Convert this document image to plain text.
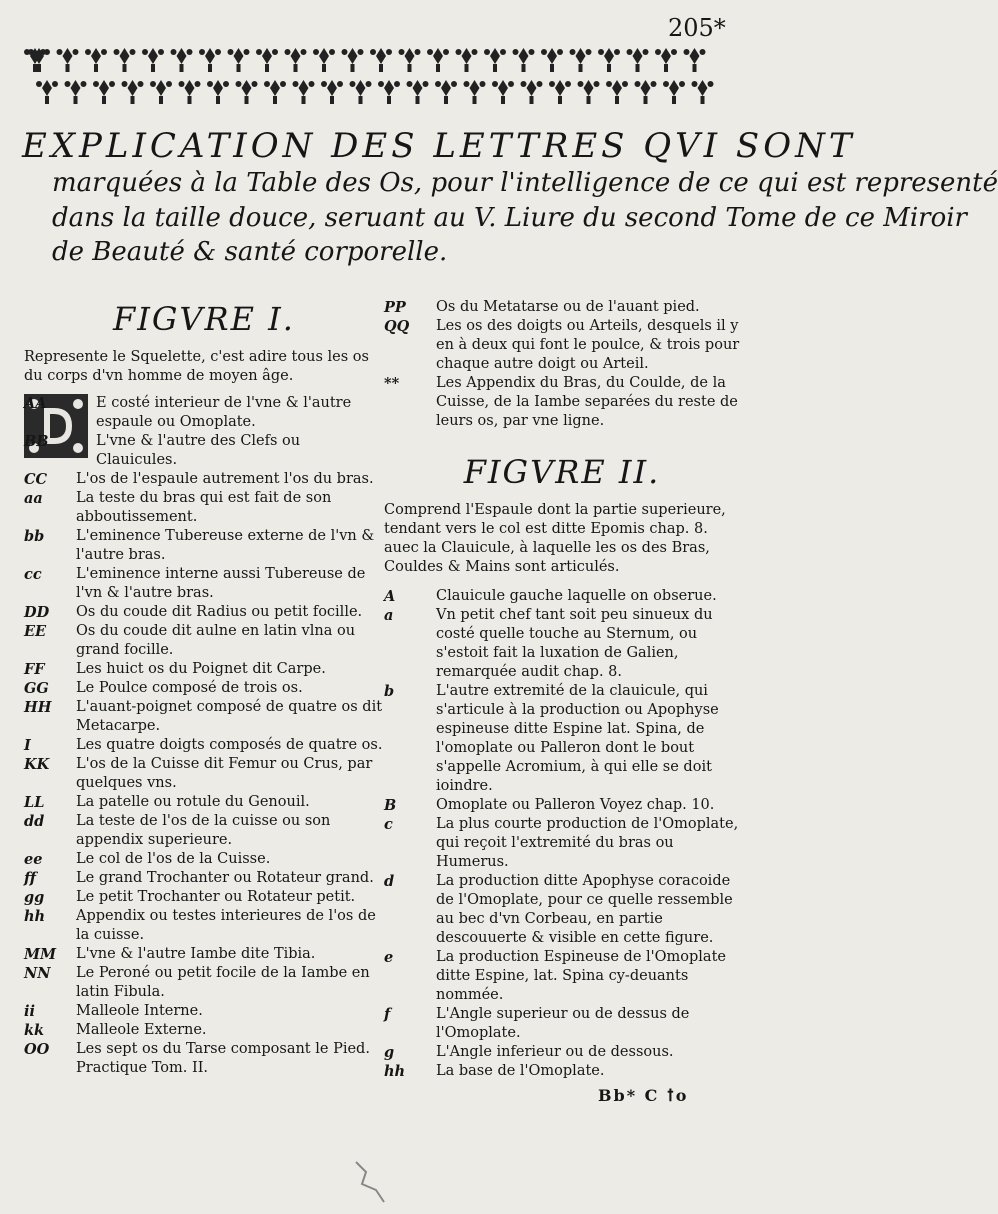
205*
EXPLICATION DES LETTRES QVI SONT
marquées à la Table des Os, pour l'intelligence de ce qui est representé
dans la taille douce, seruant au V. Liure du second Tome de ce Miroir
de Beauté & santé corporelle.
FIGVRE I.
Represente le Squelette, c'est adire tous les os du corps d'vn homme de moyen âge.
AA	E costé interieur de l'vne & l'autre espaule ou Omoplate.
BB	L'vne & l'autre des Clefs ou Clauicules.
CC	L'os de l'espaule autrement l'os du bras.
aa	La teste du bras qui est fait de son abboutissement.
bb	L'eminence Tubereuse externe de l'vn & l'autre bras.
cc	L'eminence interne aussi Tubereuse de l'vn & l'autre bras.
DD	Os du coude dit Radius ou petit focille.
EE	Os du coude dit aulne en latin vlna ou grand focille.
FF	Les huict os du Poignet dit Carpe.
GG	Le Poulce composé de trois os.
HH	L'auant-poignet composé de quatre os dit Metacarpe.
I	Les quatre doigts composés de quatre os.
KK	L'os de la Cuisse dit Femur ou Crus, par quelques vns.
LL	La patelle ou rotule du Genouil.
dd	La teste de l'os de la cuisse ou son appendix superieure.
ee	Le col de l'os de la Cuisse.
ff	Le grand Trochanter ou Rotateur grand.
gg	Le petit Trochanter ou Rotateur petit.
hh	Appendix ou testes interieures de l'os de la cuisse.
MM	L'vne & l'autre Iambe dite Tibia.
NN	Le Peroné ou petit focile de la Iambe en latin Fibula.
ii	Malleole Interne.
kk	Malleole Externe.
OO	Les sept os du Tarse composant le Pied. Practique Tom. II.
PP	Os du Metatarse ou de l'auant pied.
QQ	Les os des doigts ou Arteils, desquels il y en à deux qui font le poulce, & trois pour chaque autre doigt ou Arteil.
**	Les Appendix du Bras, du Coulde, de la Cuisse, de la Iambe separées du reste de leurs os, par vne ligne.
FIGVRE II.
Comprend l'Espaule dont la partie superieure, tendant vers le col est ditte Epomis chap. 8. auec la Clauicule, à laquelle les os des Bras, Couldes & Mains sont articulés.
A	Clauicule gauche laquelle on obserue.
a	Vn petit chef tant soit peu sinueux du costé quelle touche au Sternum, ou s'estoit fait la luxation de Galien, remarquée audit chap. 8.
b	L'autre extremité de la clauicule, qui s'articule à la production ou Apophyse espineuse ditte Espine lat. Spina, de l'omoplate ou Palleron dont le bout s'appelle Acromium, à qui elle se doit ioindre.
B	Omoplate ou Palleron Voyez chap. 10.
c	La plus courte production de l'Omoplate, qui reçoit l'extremité du bras ou Humerus.
d	La production ditte Apophyse coracoide de l'Omoplate, pour ce quelle ressemble au bec d'vn Corbeau, en partie descouuerte & visible en cette figure.
e	La production Espineuse de l'Omoplate ditte Espine, lat. Spina cy-deuants nommée.
f	L'Angle superieur ou de dessus de l'Omoplate.
g	L'Angle inferieur ou de dessous.
hh	La base de l'Omoplate.
Bb* C ꝉo
